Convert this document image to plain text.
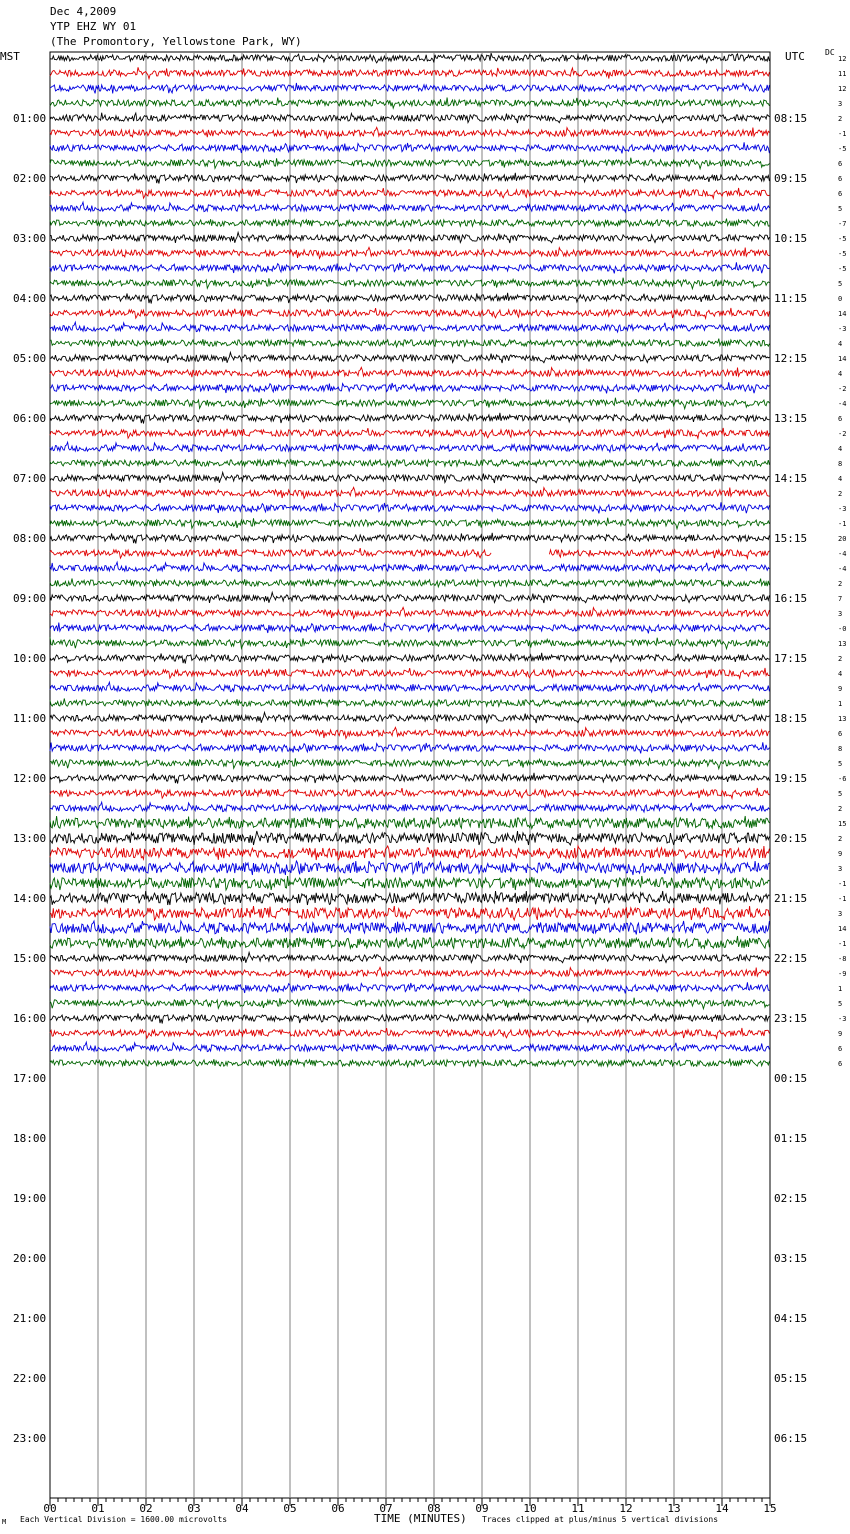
Dec 4,2009
YTP EHZ WY 01
(The Promontory, Yellowstone Park, WY)
MST	UTC	DC
00	01	02	03	04	05	06	07	08	09	10	11	12	13	14	15
01:00	08:15
02:00	09:15
03:00	10:15
04:00	11:15
05:00	12:15
06:00	13:15
07:00	14:15
08:00	15:15
09:00	16:15
10:00	17:15
11:00	18:15
12:00	19:15
13:00	20:15
14:00	21:15
15:00	22:15
16:00	23:15
17:00	00:15
18:00	01:15
19:00	02:15
20:00	03:15
21:00	04:15
22:00	05:15
23:00	06:15
12
11
12
3
2
-1
-5
6
6
6
5
-7
-5
-5
-5
5
0
14
-3
4
14
4
-2
-4
6
-2
4
8
4
2
-3
-1
20
-4
-4
2
7
3
-0
13
2
4
9
1
13
6
8
5
-6
5
2
15
2
9
3
-1
-1
3
14
-1
-8
-9
1
5
-3
9
6
6
M Each Vertical Division = 1600.00 microvolts	TIME (MINUTES) Traces clipped at plus/minus 5 vertical divisions
